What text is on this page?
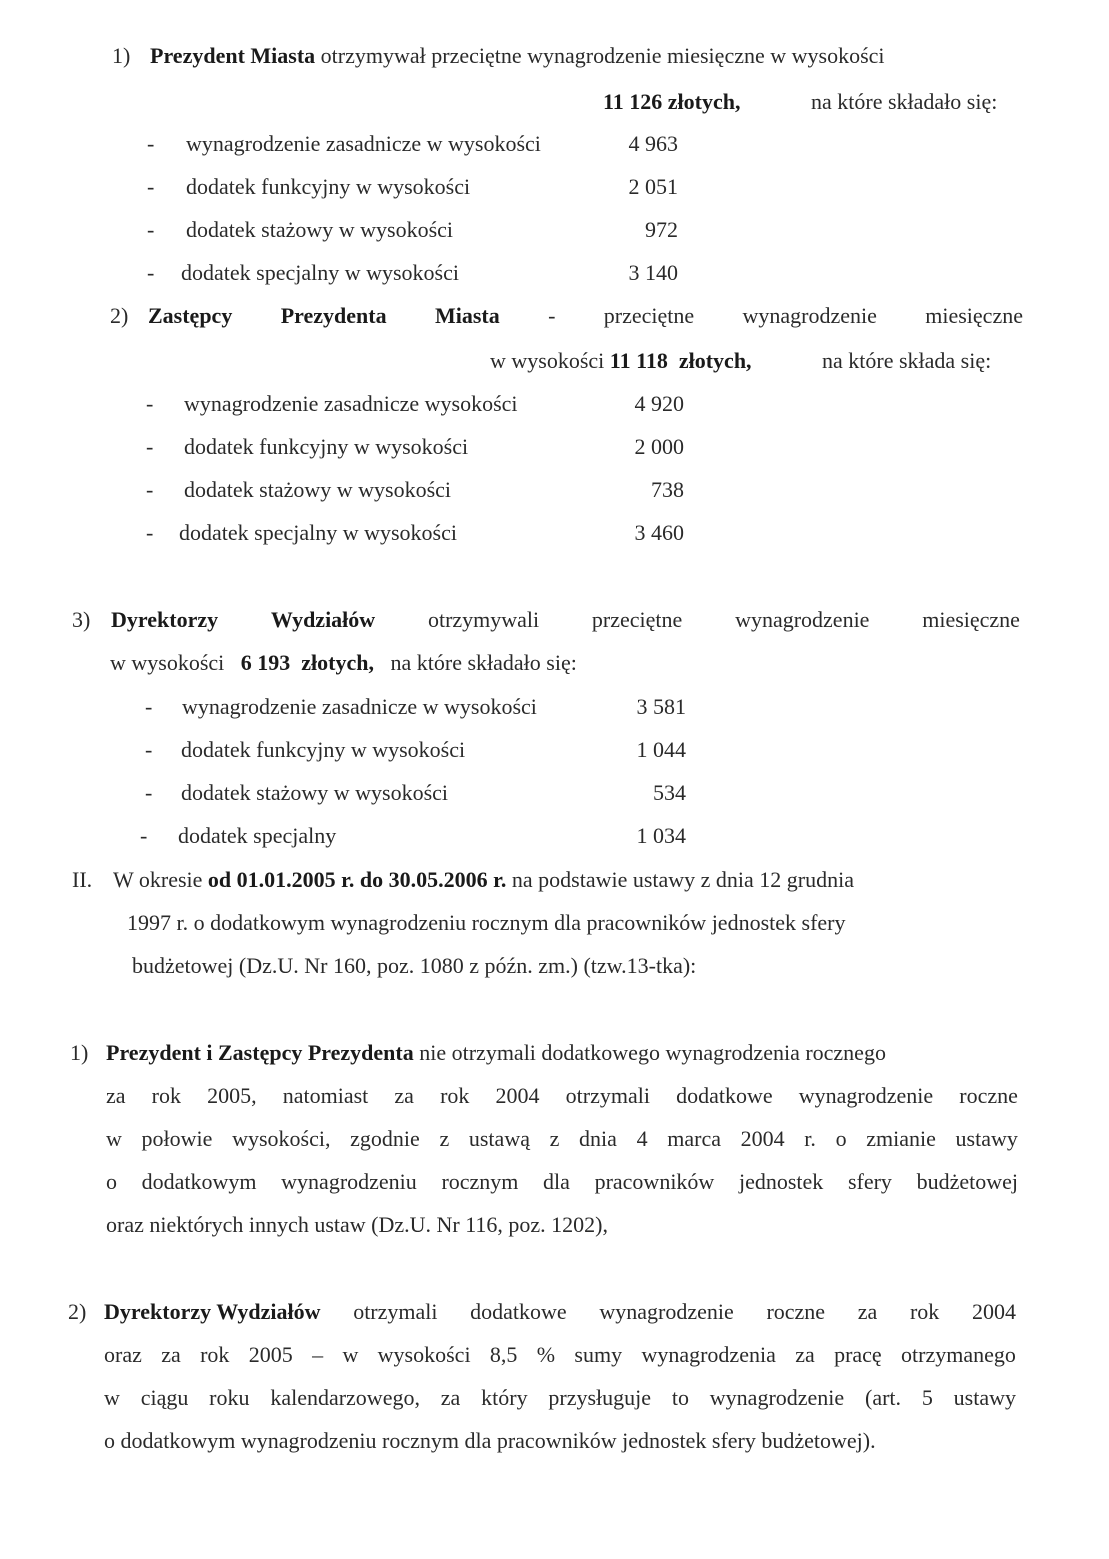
1) Prezydent Miasta otrzymywał przeciętne wynagrodzenie miesięczne w wysokości
11 126 złotych,	na które składało się:
- wynagrodzenie zasadnicze w wysokości	4 963
- dodatek funkcyjny w wysokości	2 051
- dodatek stażowy w wysokości	972
- dodatek specjalny w wysokości	3 140
2) Zastępcy Prezydenta Miasta - przeciętne wynagrodzenie miesięczne
w wysokości 11 118  złotych,	na które składa się:
- wynagrodzenie zasadnicze wysokości	4 920
- dodatek funkcyjny w wysokości	2 000
- dodatek stażowy w wysokości	738
- dodatek specjalny w wysokości	3 460
3) Dyrektorzy Wydziałów otrzymywali przeciętne wynagrodzenie miesięczne
w wysokości 6 193  złotych, na które składało się:
- wynagrodzenie zasadnicze w wysokości	3 581
- dodatek funkcyjny w wysokości	1 044
- dodatek stażowy w wysokości	534
- dodatek specjalny	1 034
II. W okresie od 01.01.2005 r. do 30.05.2006 r. na podstawie ustawy z dnia 12 grudnia
1997 r. o dodatkowym wynagrodzeniu rocznym dla pracowników jednostek sfery
budżetowej (Dz.U. Nr 160, poz. 1080 z późn. zm.) (tzw.13-tka):
1) Prezydent i Zastępcy Prezydenta nie otrzymali dodatkowego wynagrodzenia rocznego
za rok 2005, natomiast za rok 2004 otrzymali dodatkowe wynagrodzenie roczne
w połowie wysokości, zgodnie z ustawą z dnia 4 marca 2004 r. o zmianie ustawy
o dodatkowym wynagrodzeniu rocznym dla pracowników jednostek sfery budżetowej
oraz niektórych innych ustaw (Dz.U. Nr 116, poz. 1202),
2) Dyrektorzy Wydziałów otrzymali dodatkowe wynagrodzenie roczne za rok 2004
oraz za rok 2005 – w wysokości 8,5 % sumy wynagrodzenia za pracę otrzymanego
w ciągu roku kalendarzowego, za który przysługuje to wynagrodzenie (art. 5 ustawy
o dodatkowym wynagrodzeniu rocznym dla pracowników jednostek sfery budżetowej).
